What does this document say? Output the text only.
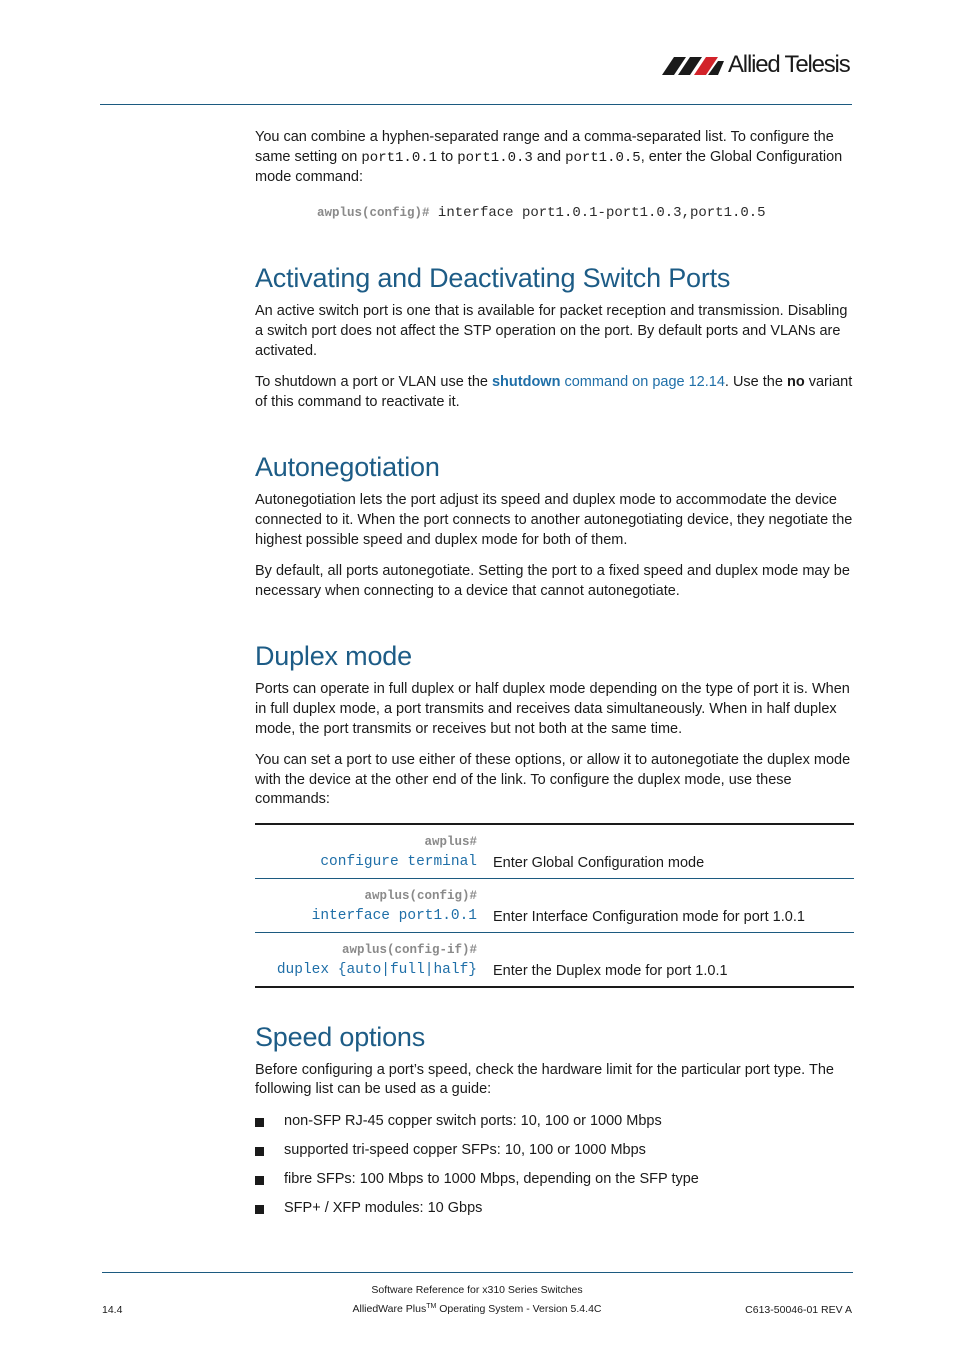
Allied Telesis

You can combine a hyphen-separated range and a comma-separated list. To configure the same setting on port1.0.1 to port1.0.3 and port1.0.5, enter the Global Configuration mode command:

awplus(config)# interface port1.0.1-port1.0.3,port1.0.5

Activating and Deactivating Switch Ports

An active switch port is one that is available for packet reception and transmission. Disabling a switch port does not affect the STP operation on the port. By default ports and VLANs are activated.

To shutdown a port or VLAN use the shutdown command on page 12.14. Use the no variant of this command to reactivate it.

Autonegotiation

Autonegotiation lets the port adjust its speed and duplex mode to accommodate the device connected to it. When the port connects to another autonegotiating device, they negotiate the highest possible speed and duplex mode for both of them.

By default, all ports autonegotiate. Setting the port to a fixed speed and duplex mode may be necessary when connecting to a device that cannot autonegotiate.

Duplex mode

Ports can operate in full duplex or half duplex mode depending on the type of port it is. When in full duplex mode, a port transmits and receives data simultaneously. When in half duplex mode, the port transmits or receives but not both at the same time.

You can set a port to use either of these options, or allow it to autonegotiate the duplex mode with the device at the other end of the link. To configure the duplex mode, use these commands:

awplus#
configure terminal	Enter Global Configuration mode

awplus(config)#
interface port1.0.1	Enter Interface Configuration mode for port 1.0.1

awplus(config-if)#
duplex {auto|full|half}	Enter the Duplex mode for port 1.0.1
Speed options

Before configuring a port’s speed, check the hardware limit for the particular port type. The following list can be used as a guide:

non-SFP RJ-45 copper switch ports: 10, 100 or 1000 Mbps
supported tri-speed copper SFPs: 10, 100 or 1000 Mbps
fibre SFPs: 100 Mbps to 1000 Mbps, depending on the SFP type
SFP+ / XFP modules: 10 Gbps
Software Reference for x310 Series Switches
14.4	AlliedWare Plus™ Operating System - Version 5.4.4C	C613-50046-01 REV A
